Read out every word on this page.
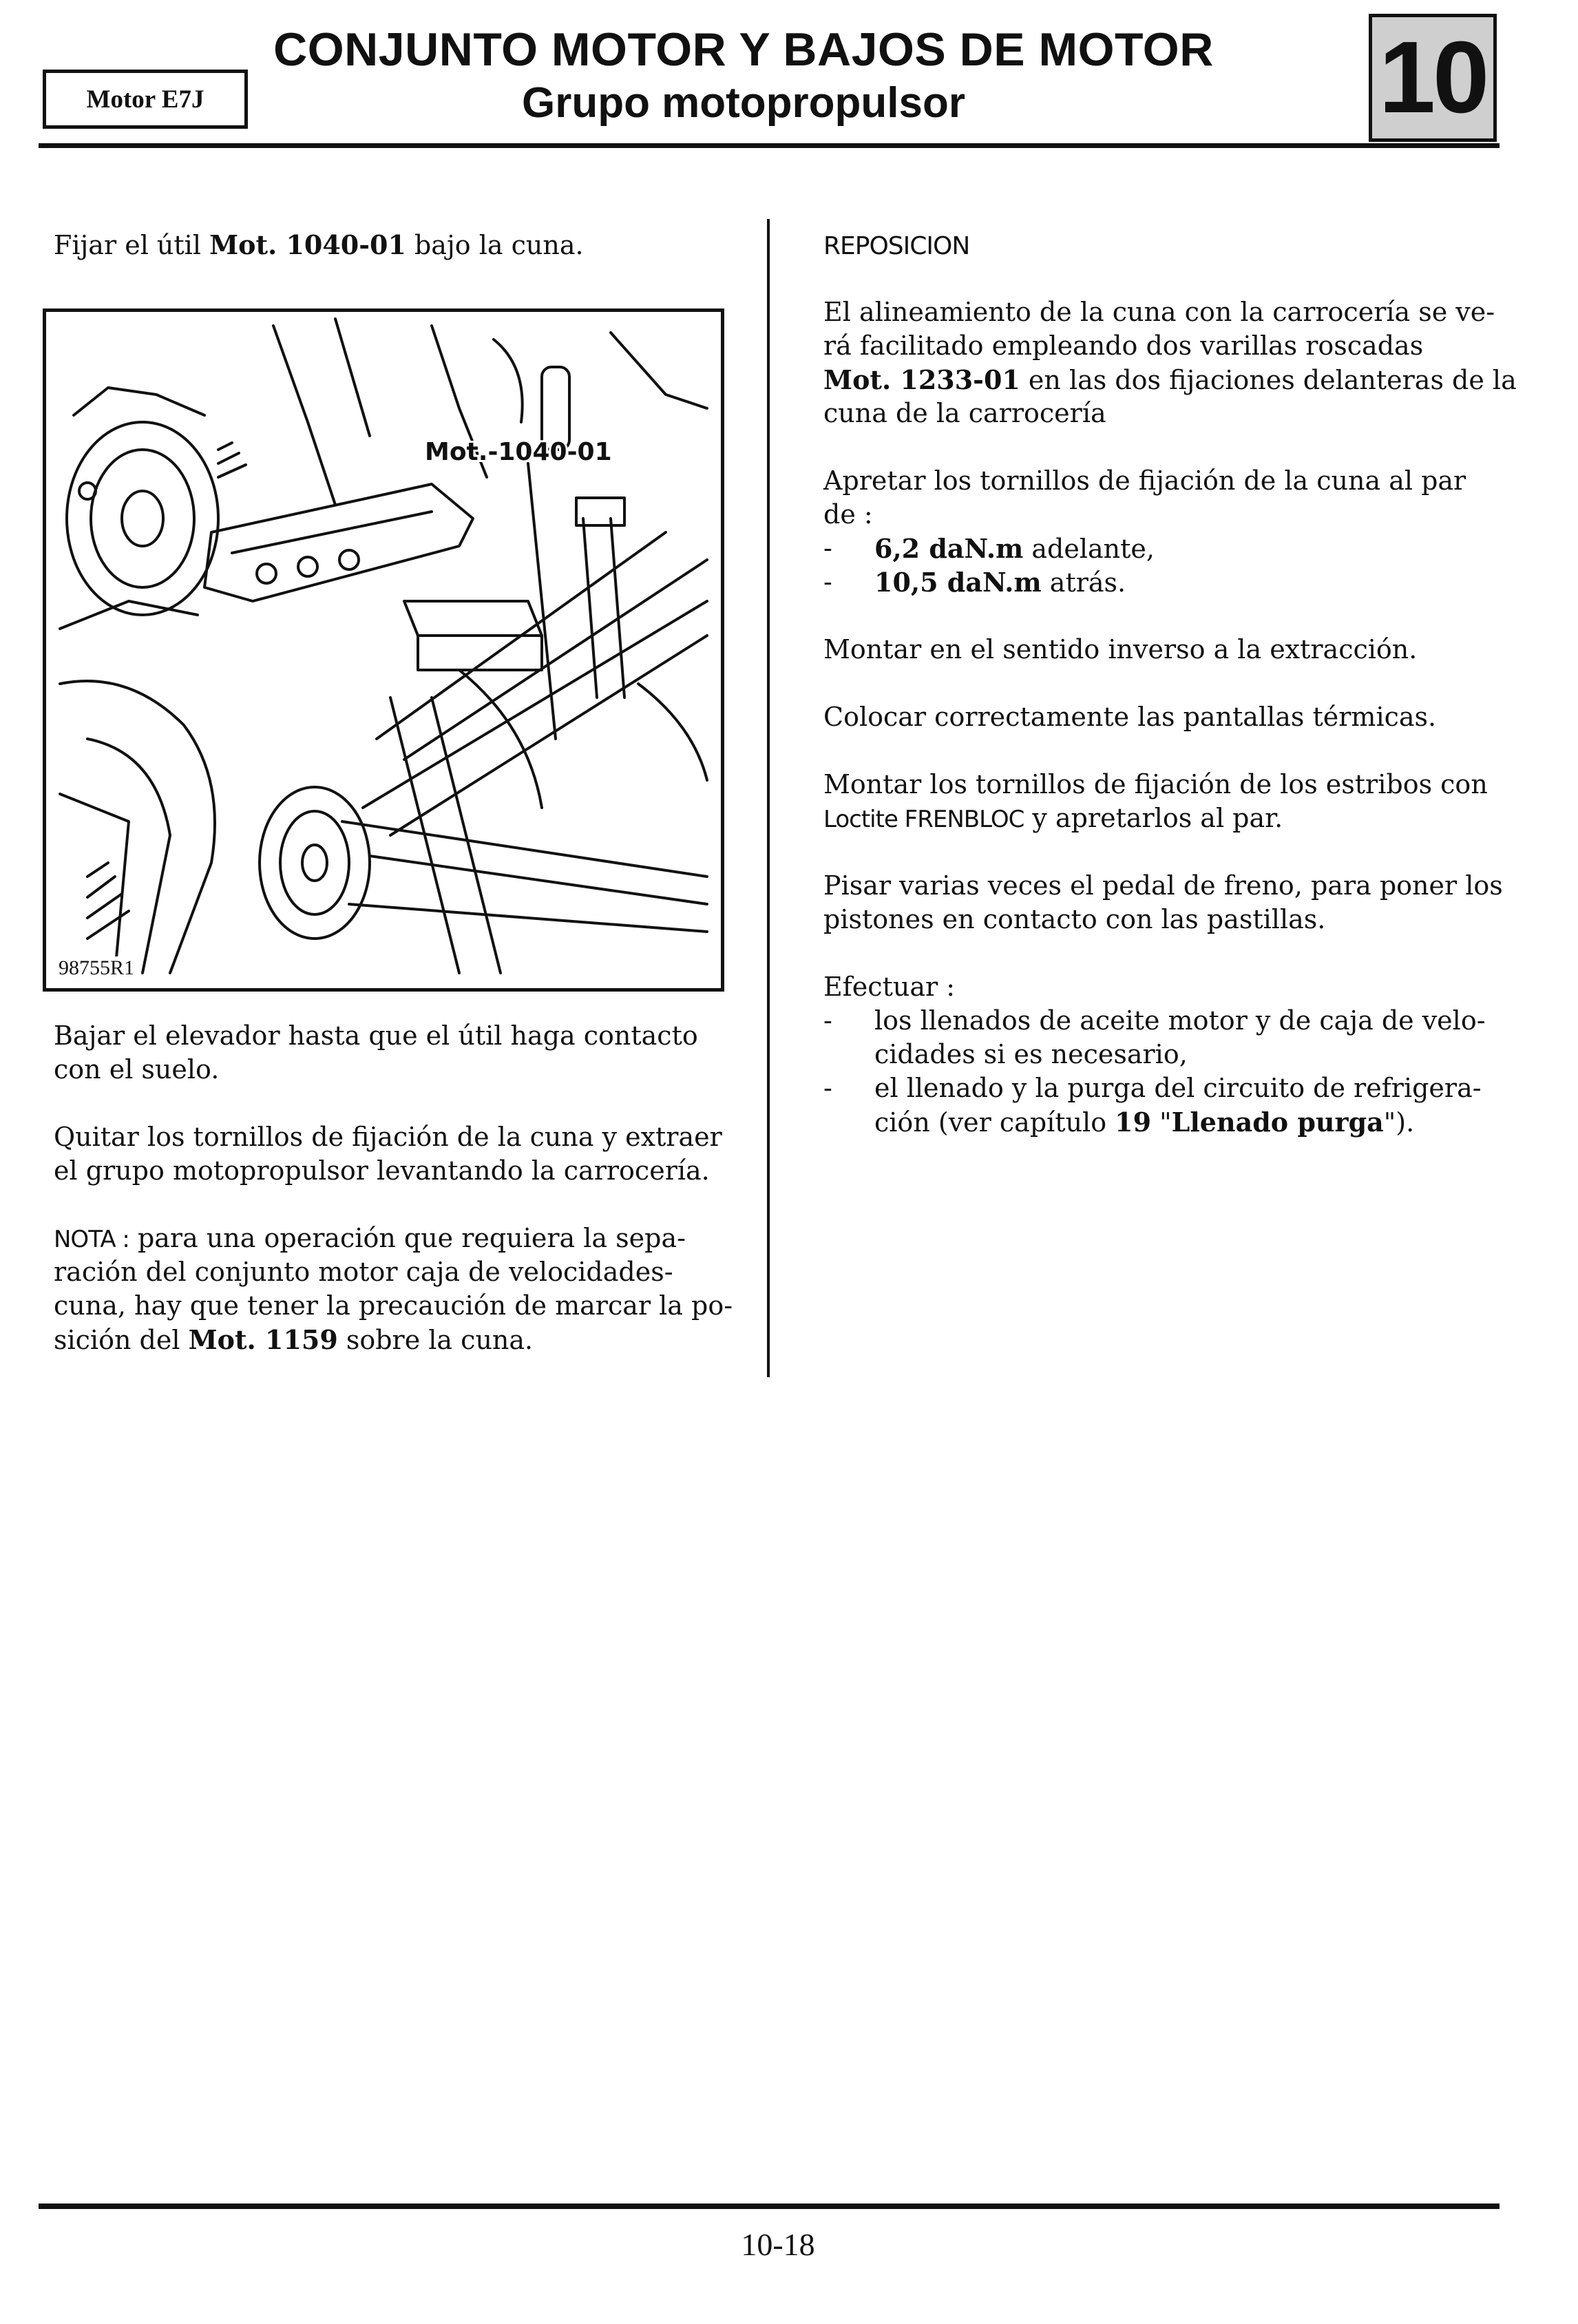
Motor E7J
CONJUNTO MOTOR Y BAJOS DE MOTOR
Grupo motopropulsor	10

Fijar el útil Mot. 1040-01 bajo la cuna.

Mot.-1040-01
98755R1

Bajar el elevador hasta que el útil haga contacto

con el suelo.

Quitar los tornillos de fijación de la cuna y extraer

el grupo motopropulsor levantando la carrocería.

NOTA : para una operación que requiera la sepa-

ración del conjunto motor caja de velocidades-

cuna, hay que tener la precaución de marcar la po-

sición del Mot. 1159 sobre la cuna.

REPOSICION

El alineamiento de la cuna con la carrocería se ve-

rá facilitado empleando dos varillas roscadas

Mot. 1233-01 en las dos fijaciones delanteras de la

cuna de la carrocería

Apretar los tornillos de fijación de la cuna al par

de :

- 6,2 daN.m adelante,
- 10,5 daN.m atrás.

Montar en el sentido inverso a la extracción.

Colocar correctamente las pantallas térmicas.

Montar los tornillos de fijación de los estribos con

Loctite FRENBLOC y apretarlos al par.

Pisar varias veces el pedal de freno, para poner los

pistones en contacto con las pastillas.

Efectuar :

- los llenados de aceite motor y de caja de velo-
cidades si es necesario,
- el llenado y la purga del circuito de refrigera-
ción (ver capítulo 19 "Llenado purga").
10-18
